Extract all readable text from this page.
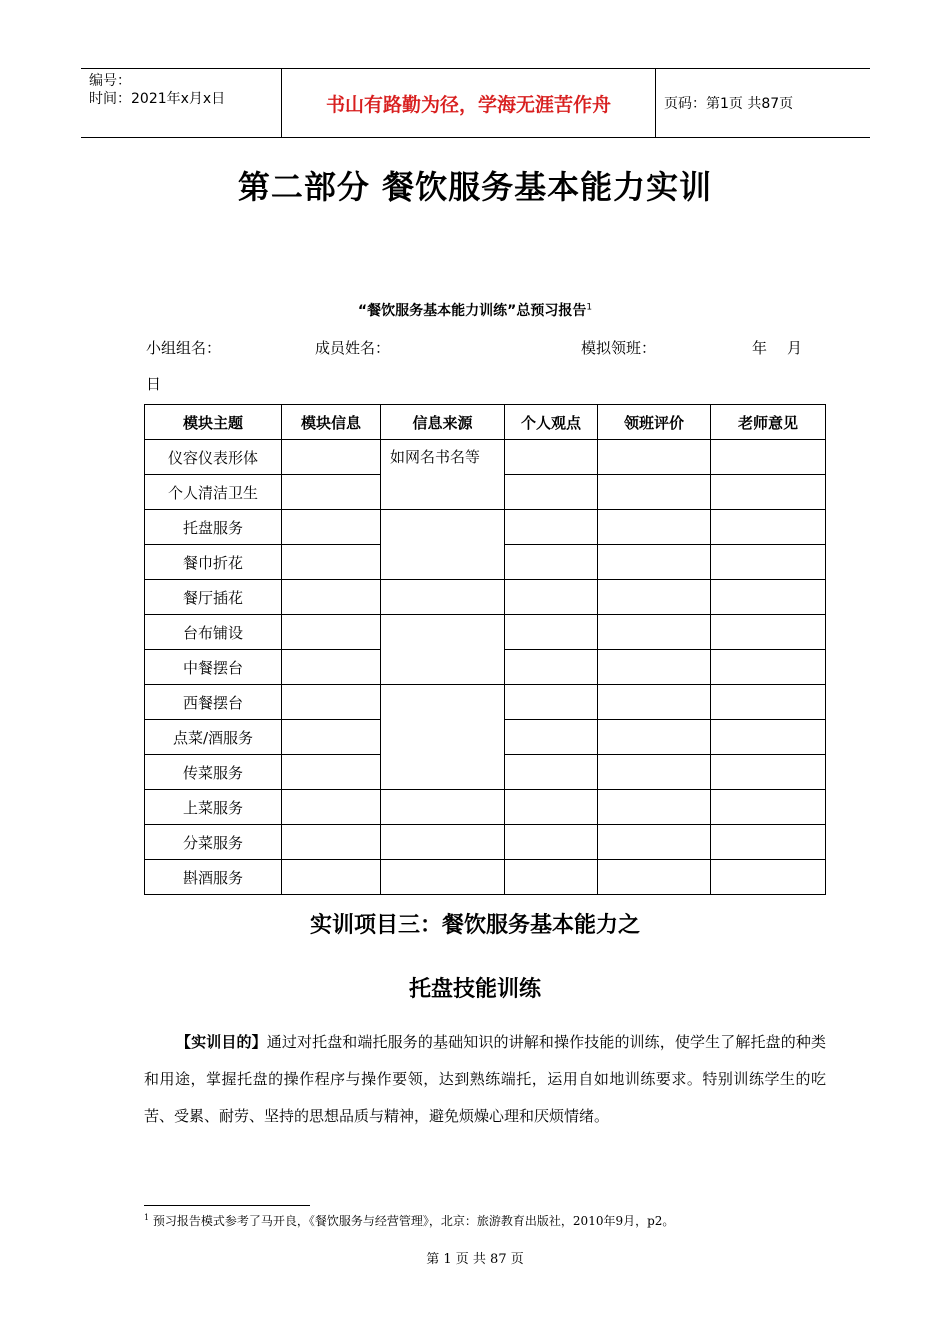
编号：
时间：2021年x月x日	书山有路勤为径，学海无涯苦作舟	页码：第1页 共87页
第二部分 餐饮服务基本能力实训
“餐饮服务基本能力训练”总预习报告$^1$
小组组名：	成员姓名：	模拟领班：	年 月
日
模块主题	模块信息	信息来源	个人观点	领班评价	老师意见
仪容仪表形体		如网名书名等			
个人清洁卫生					
托盘服务					
餐巾折花					
餐厅插花					
台布铺设					
中餐摆台					
西餐摆台					
点菜/酒服务					
传菜服务					
上菜服务					
分菜服务					
斟酒服务					
实训项目三：餐饮服务基本能力之
托盘技能训练
【实训目的】通过对托盘和端托服务的基础知识的讲解和操作技能的训练，使学生了解托盘的种类和用途，掌握托盘的操作程序与操作要领，达到熟练端托，运用自如地训练要求。特别训练学生的吃苦、受累、耐劳、坚持的思想品质与精神，避免烦燥心理和厌烦情绪。
$^1$ 预习报告模式参考了马开良，《餐饮服务与经营管理》，北京：旅游教育出版社，2010年9月，p2。
第 1 页 共 87 页
